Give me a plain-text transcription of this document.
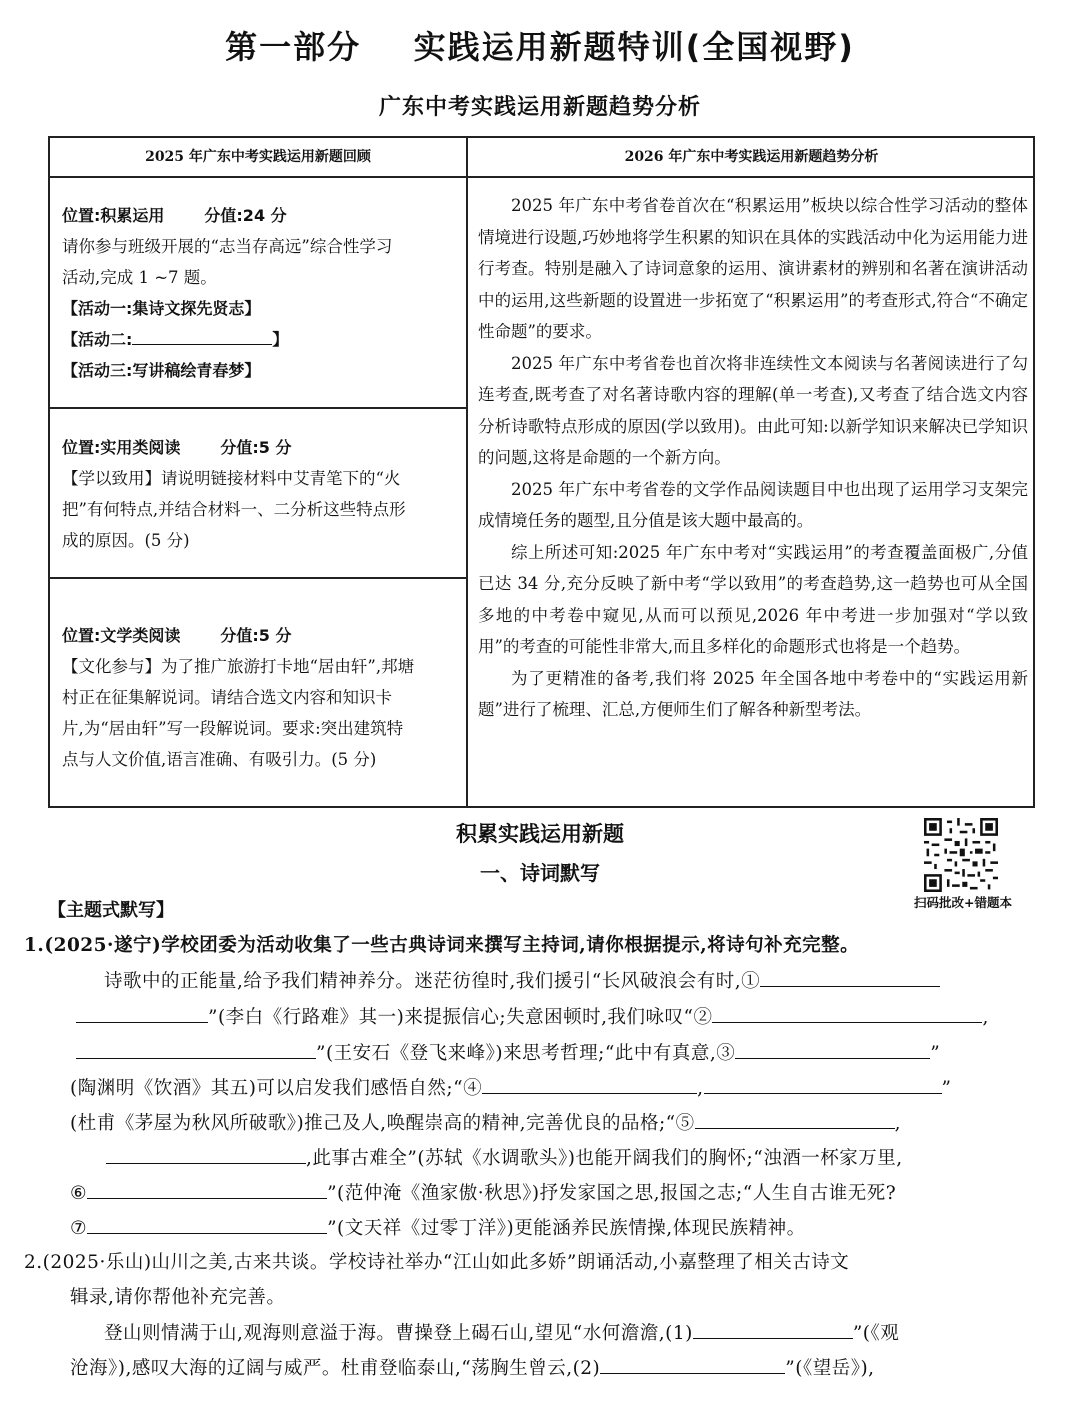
第一部分    实践运用新题特训(全国视野)
广东中考实践运用新题趋势分析
2025 年广东中考实践运用新题回顾	2026 年广东中考实践运用新题趋势分析
位置:积累运用	分值:24 分
请你参与班级开展的“志当存高远”综合性学习
活动,完成 1 ~7 题。
【活动一:集诗文探先贤志】
【活动二:	】
【活动三:写讲稿绘青春梦】
位置:实用类阅读	分值:5 分
【学以致用】请说明链接材料中艾青笔下的“火
把”有何特点,并结合材料一、二分析这些特点形
成的原因。(5 分)
位置:文学类阅读	分值:5 分
【文化参与】为了推广旅游打卡地“居由轩”,邦塘
村正在征集解说词。请结合选文内容和知识卡
片,为“居由轩”写一段解说词。要求:突出建筑特
点与人文价值,语言准确、有吸引力。(5 分)

2025 年广东中考省卷首次在“积累运用”板块以综合性学习活动的整体情境进行设题,巧妙地将学生积累的知识在具体的实践活动中化为运用能力进行考查。特别是融入了诗词意象的运用、演讲素材的辨别和名著在演讲活动中的运用,这些新题的设置进一步拓宽了“积累运用”的考查形式,符合“不确定性命题”的要求。

2025 年广东中考省卷也首次将非连续性文本阅读与名著阅读进行了勾连考查,既考查了对名著诗歌内容的理解(单一考查),又考查了结合选文内容分析诗歌特点形成的原因(学以致用)。由此可知:以新学知识来解决已学知识的问题,这将是命题的一个新方向。

2025 年广东中考省卷的文学作品阅读题目中也出现了运用学习支架完成情境任务的题型,且分值是该大题中最高的。

综上所述可知:2025 年广东中考对“实践运用”的考查覆盖面极广,分值已达 34 分,充分反映了新中考“学以致用”的考查趋势,这一趋势也可从全国多地的中考卷中窥见,从而可以预见,2026 年中考进一步加强对“学以致用”的考查的可能性非常大,而且多样化的命题形式也将是一个趋势。

为了更精准的备考,我们将 2025 年全国各地中考卷中的“实践运用新题”进行了梳理、汇总,方便师生们了解各种新型考法。

积累实践运用新题
一、诗词默写
扫码批改+错题本
【主题式默写】
1.(2025·遂宁)学校团委为活动收集了一些古典诗词来撰写主持词,请你根据提示,将诗句补充完整。
诗歌中的正能量,给予我们精神养分。迷茫彷徨时,我们援引“长风破浪会有时,①
”(李白《行路难》其一)来提振信心;失意困顿时,我们咏叹“②	,
”(王安石《登飞来峰》)来思考哲理;“此中有真意,③	”
(陶渊明《饮酒》其五)可以启发我们感悟自然;“④	,	”
(杜甫《茅屋为秋风所破歌》)推己及人,唤醒崇高的精神,完善优良的品格;“⑤	,
,此事古难全”(苏轼《水调歌头》)也能开阔我们的胸怀;“浊酒一杯家万里,
⑥	”(范仲淹《渔家傲·秋思》)抒发家国之思,报国之志;“人生自古谁无死?
⑦	”(文天祥《过零丁洋》)更能涵养民族情操,体现民族精神。
2.(2025·乐山)山川之美,古来共谈。学校诗社举办“江山如此多娇”朗诵活动,小嘉整理了相关古诗文
辑录,请你帮他补充完善。
登山则情满于山,观海则意溢于海。曹操登上碣石山,望见“水何澹澹,(1)	”(《观
沧海》),感叹大海的辽阔与威严。杜甫登临泰山,“荡胸生曾云,(2)	”(《望岳》),
